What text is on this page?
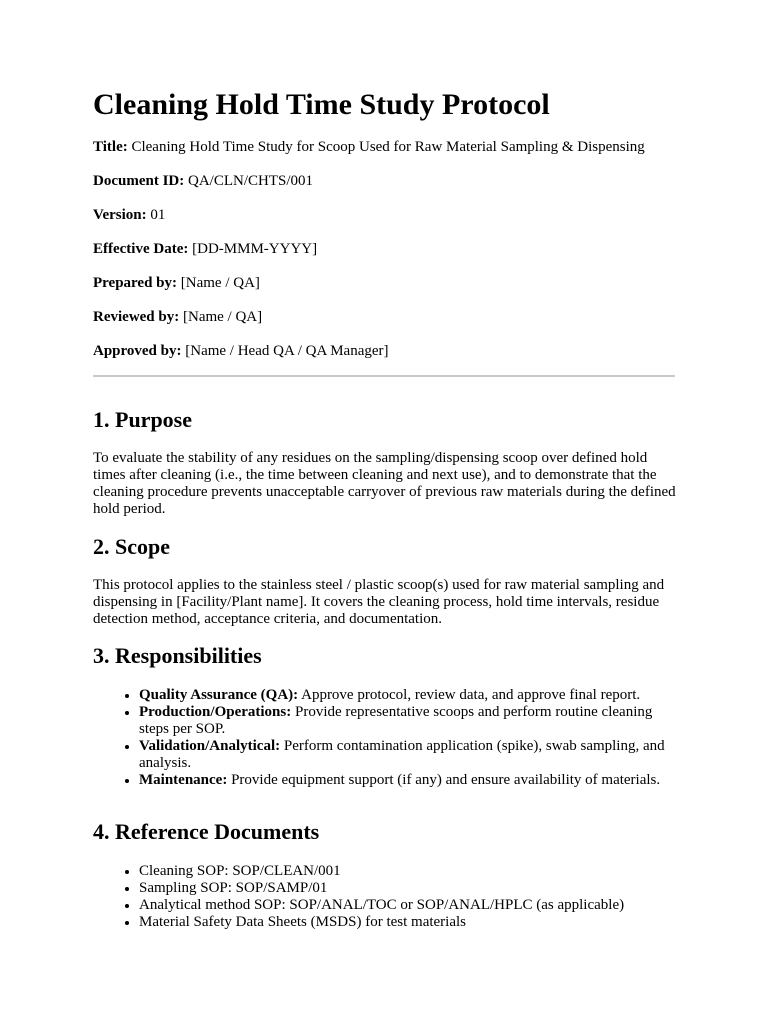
Cleaning Hold Time Study Protocol
Title: Cleaning Hold Time Study for Scoop Used for Raw Material Sampling & Dispensing
Document ID: QA/CLN/CHTS/001
Version: 01
Effective Date: [DD-MMM-YYYY]
Prepared by: [Name / QA]
Reviewed by: [Name / QA]
Approved by: [Name / Head QA / QA Manager]
1. Purpose

To evaluate the stability of any residues on the sampling/dispensing scoop over defined hold times after cleaning (i.e., the time between cleaning and next use), and to demonstrate that the cleaning procedure prevents unacceptable carryover of previous raw materials during the defined hold period.

2. Scope

This protocol applies to the stainless steel / plastic scoop(s) used for raw material sampling and dispensing in [Facility/Plant name]. It covers the cleaning process, hold time intervals, residue detection method, acceptance criteria, and documentation.

3. Responsibilities
• Quality Assurance (QA): Approve protocol, review data, and approve final report.
• Production/Operations: Provide representative scoops and perform routine cleaning steps per SOP.
• Validation/Analytical: Perform contamination application (spike), swab sampling, and analysis.
• Maintenance: Provide equipment support (if any) and ensure availability of materials.
4. Reference Documents
• Cleaning SOP: SOP/CLEAN/001
• Sampling SOP: SOP/SAMP/01
• Analytical method SOP: SOP/ANAL/TOC or SOP/ANAL/HPLC (as applicable)
• Material Safety Data Sheets (MSDS) for test materials
